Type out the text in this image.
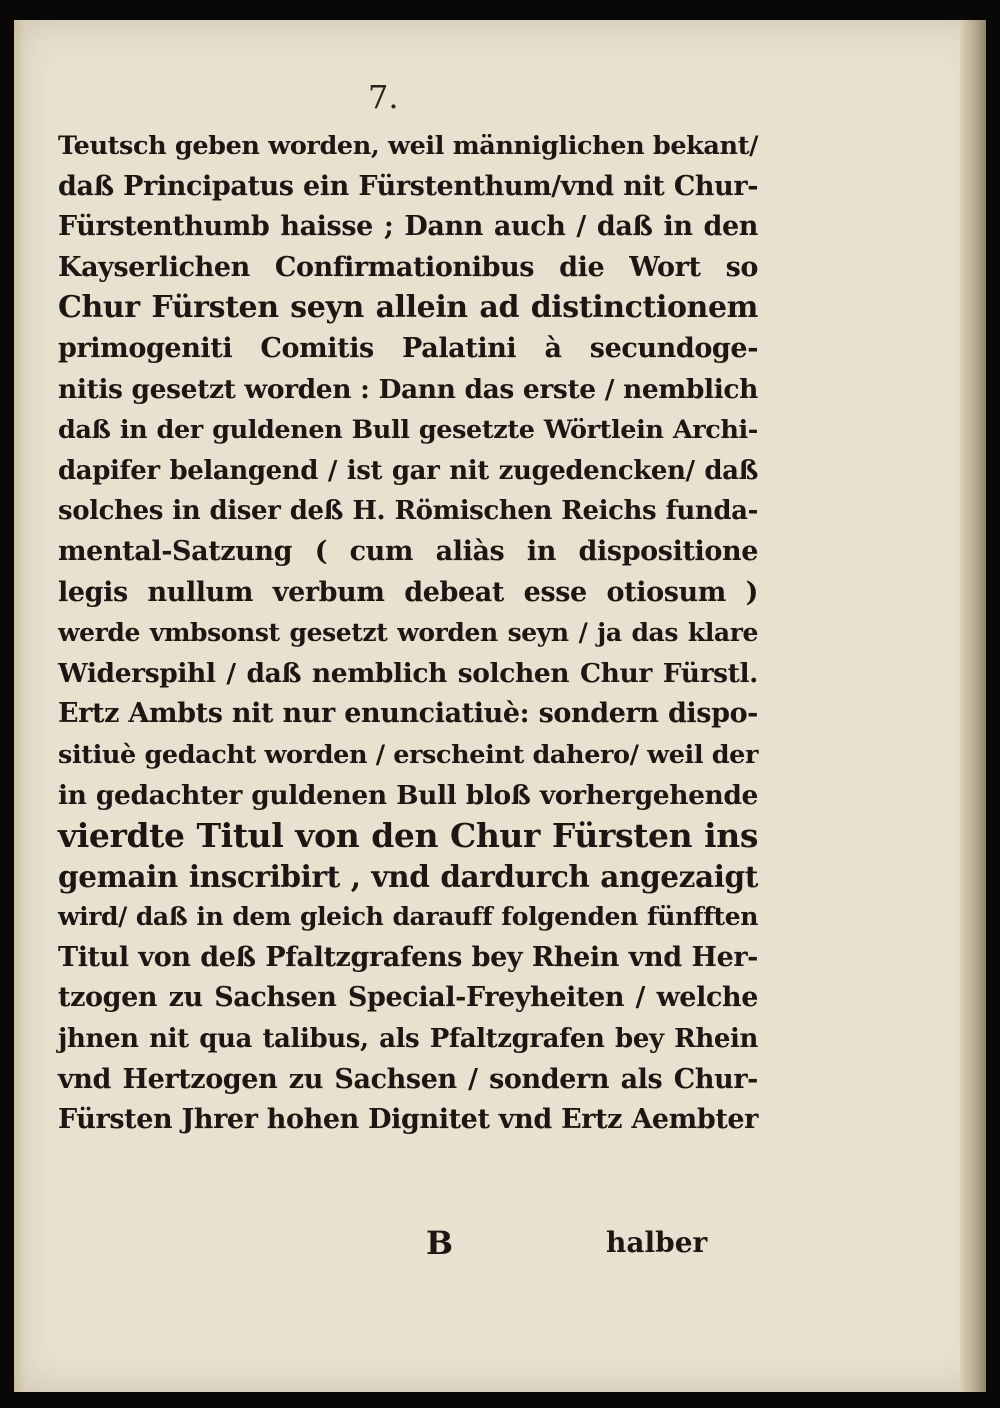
7.
Teutsch geben worden, weil männiglichen bekant/
daß Principatus ein Fürstenthum/vnd nit Chur-
Fürstenthumb haisse ; Dann auch / daß in den
Kayserlichen Confirmationibus die Wort so
Chur Fürsten seyn allein ad distinctionem
primogeniti Comitis Palatini à secundoge-
nitis gesetzt worden : Dann das erste / nemblich
daß in der guldenen Bull gesetzte Wörtlein Archi-
dapifer belangend / ist gar nit zugedencken/ daß
solches in diser deß H. Römischen Reichs funda-
mental-Satzung ( cum aliàs in dispositione
legis nullum verbum debeat esse otiosum )
werde vmbsonst gesetzt worden seyn / ja das klare
Widerspihl / daß nemblich solchen Chur Fürstl.
Ertz Ambts nit nur enunciatiuè: sondern dispo-
sitiuè gedacht worden / erscheint dahero/ weil der
in gedachter guldenen Bull bloß vorhergehende
vierdte Titul von den Chur Fürsten ins
gemain inscribirt , vnd dardurch angezaigt
wird/ daß in dem gleich darauff folgenden fünfften
Titul von deß Pfaltzgrafens bey Rhein vnd Her-
tzogen zu Sachsen Special-Freyheiten / welche
jhnen nit qua talibus, als Pfaltzgrafen bey Rhein
vnd Hertzogen zu Sachsen / sondern als Chur-
Fürsten Jhrer hohen Dignitet vnd Ertz Aembter
B	halber
